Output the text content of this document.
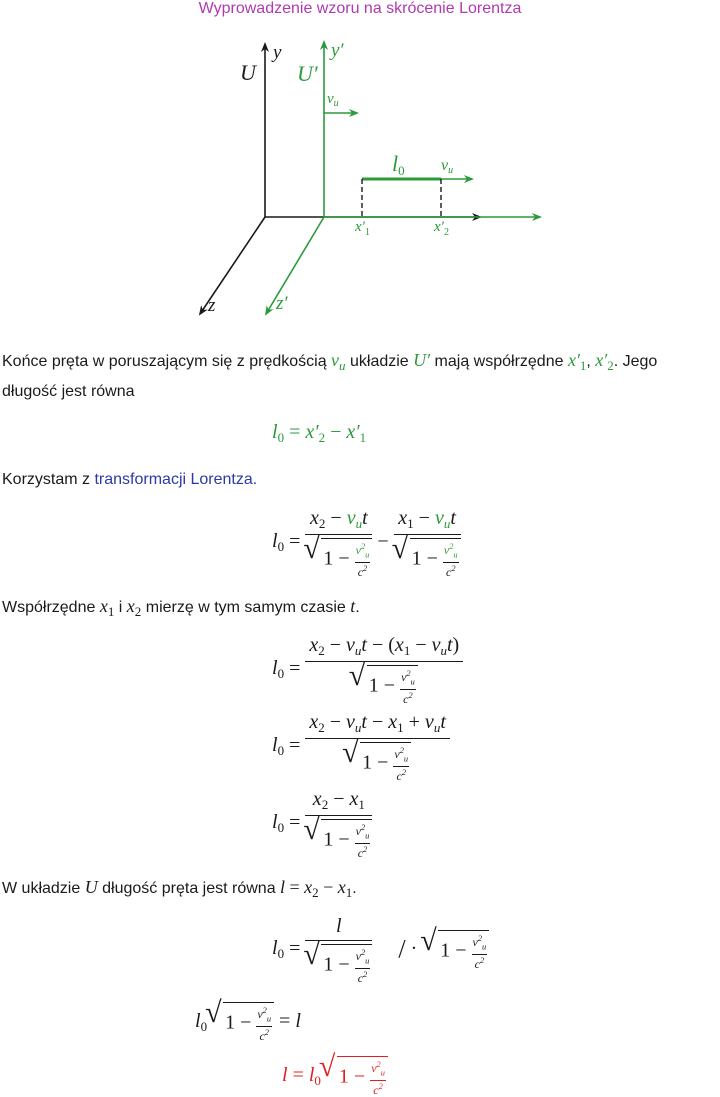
Wyprowadzenie wzoru na skrócenie Lorentza
U
y
U′
y′
$v_u$
$l_0$ $v_u$
$x'_1$	$x'_2$
z	z′
Końce pręta w poruszającym się z prędkością $v_u$ układzie U′ mają współrzędne $x'_1$, $x'_2$. Jego
długość jest równa
$l_0 = x'_2 - x'_1$
Korzystam z transformacji Lorentza.
$l_0 = x_2 - v_ut$
√ $1 - \frac{v^2_u}{c^2} - x_1 - v_ut$
√ $1 - \frac{v^2_u}{c^2}$
Współrzędne $x_1$ i $x_2$ mierzę w tym samym czasie t.
$l_0 = x_2 - v_ut - (x_1 - v_ut)$
√ $1 - \frac{v^2_u}{c^2}$
$l_0 = x_2 - v_ut - x_1 + v_ut$
√ $1 - \frac{v^2_u}{c^2}$
$l_0 = x_2 - x_1$
√ $1 - \frac{v^2_u}{c^2}$
W układzie U długość pręta jest równa $l = x_2 - x_1$.
$l_0 = l$
√ $1 - \frac{v^2_u}{c^2}$ / · √ $1 - \frac{v^2_u}{c^2}$
$l_0√$ $1 - \frac{v^2_u}{c^2} = l$
$l = l_0√$ $1 - \frac{v^2_u}{c^2}$
